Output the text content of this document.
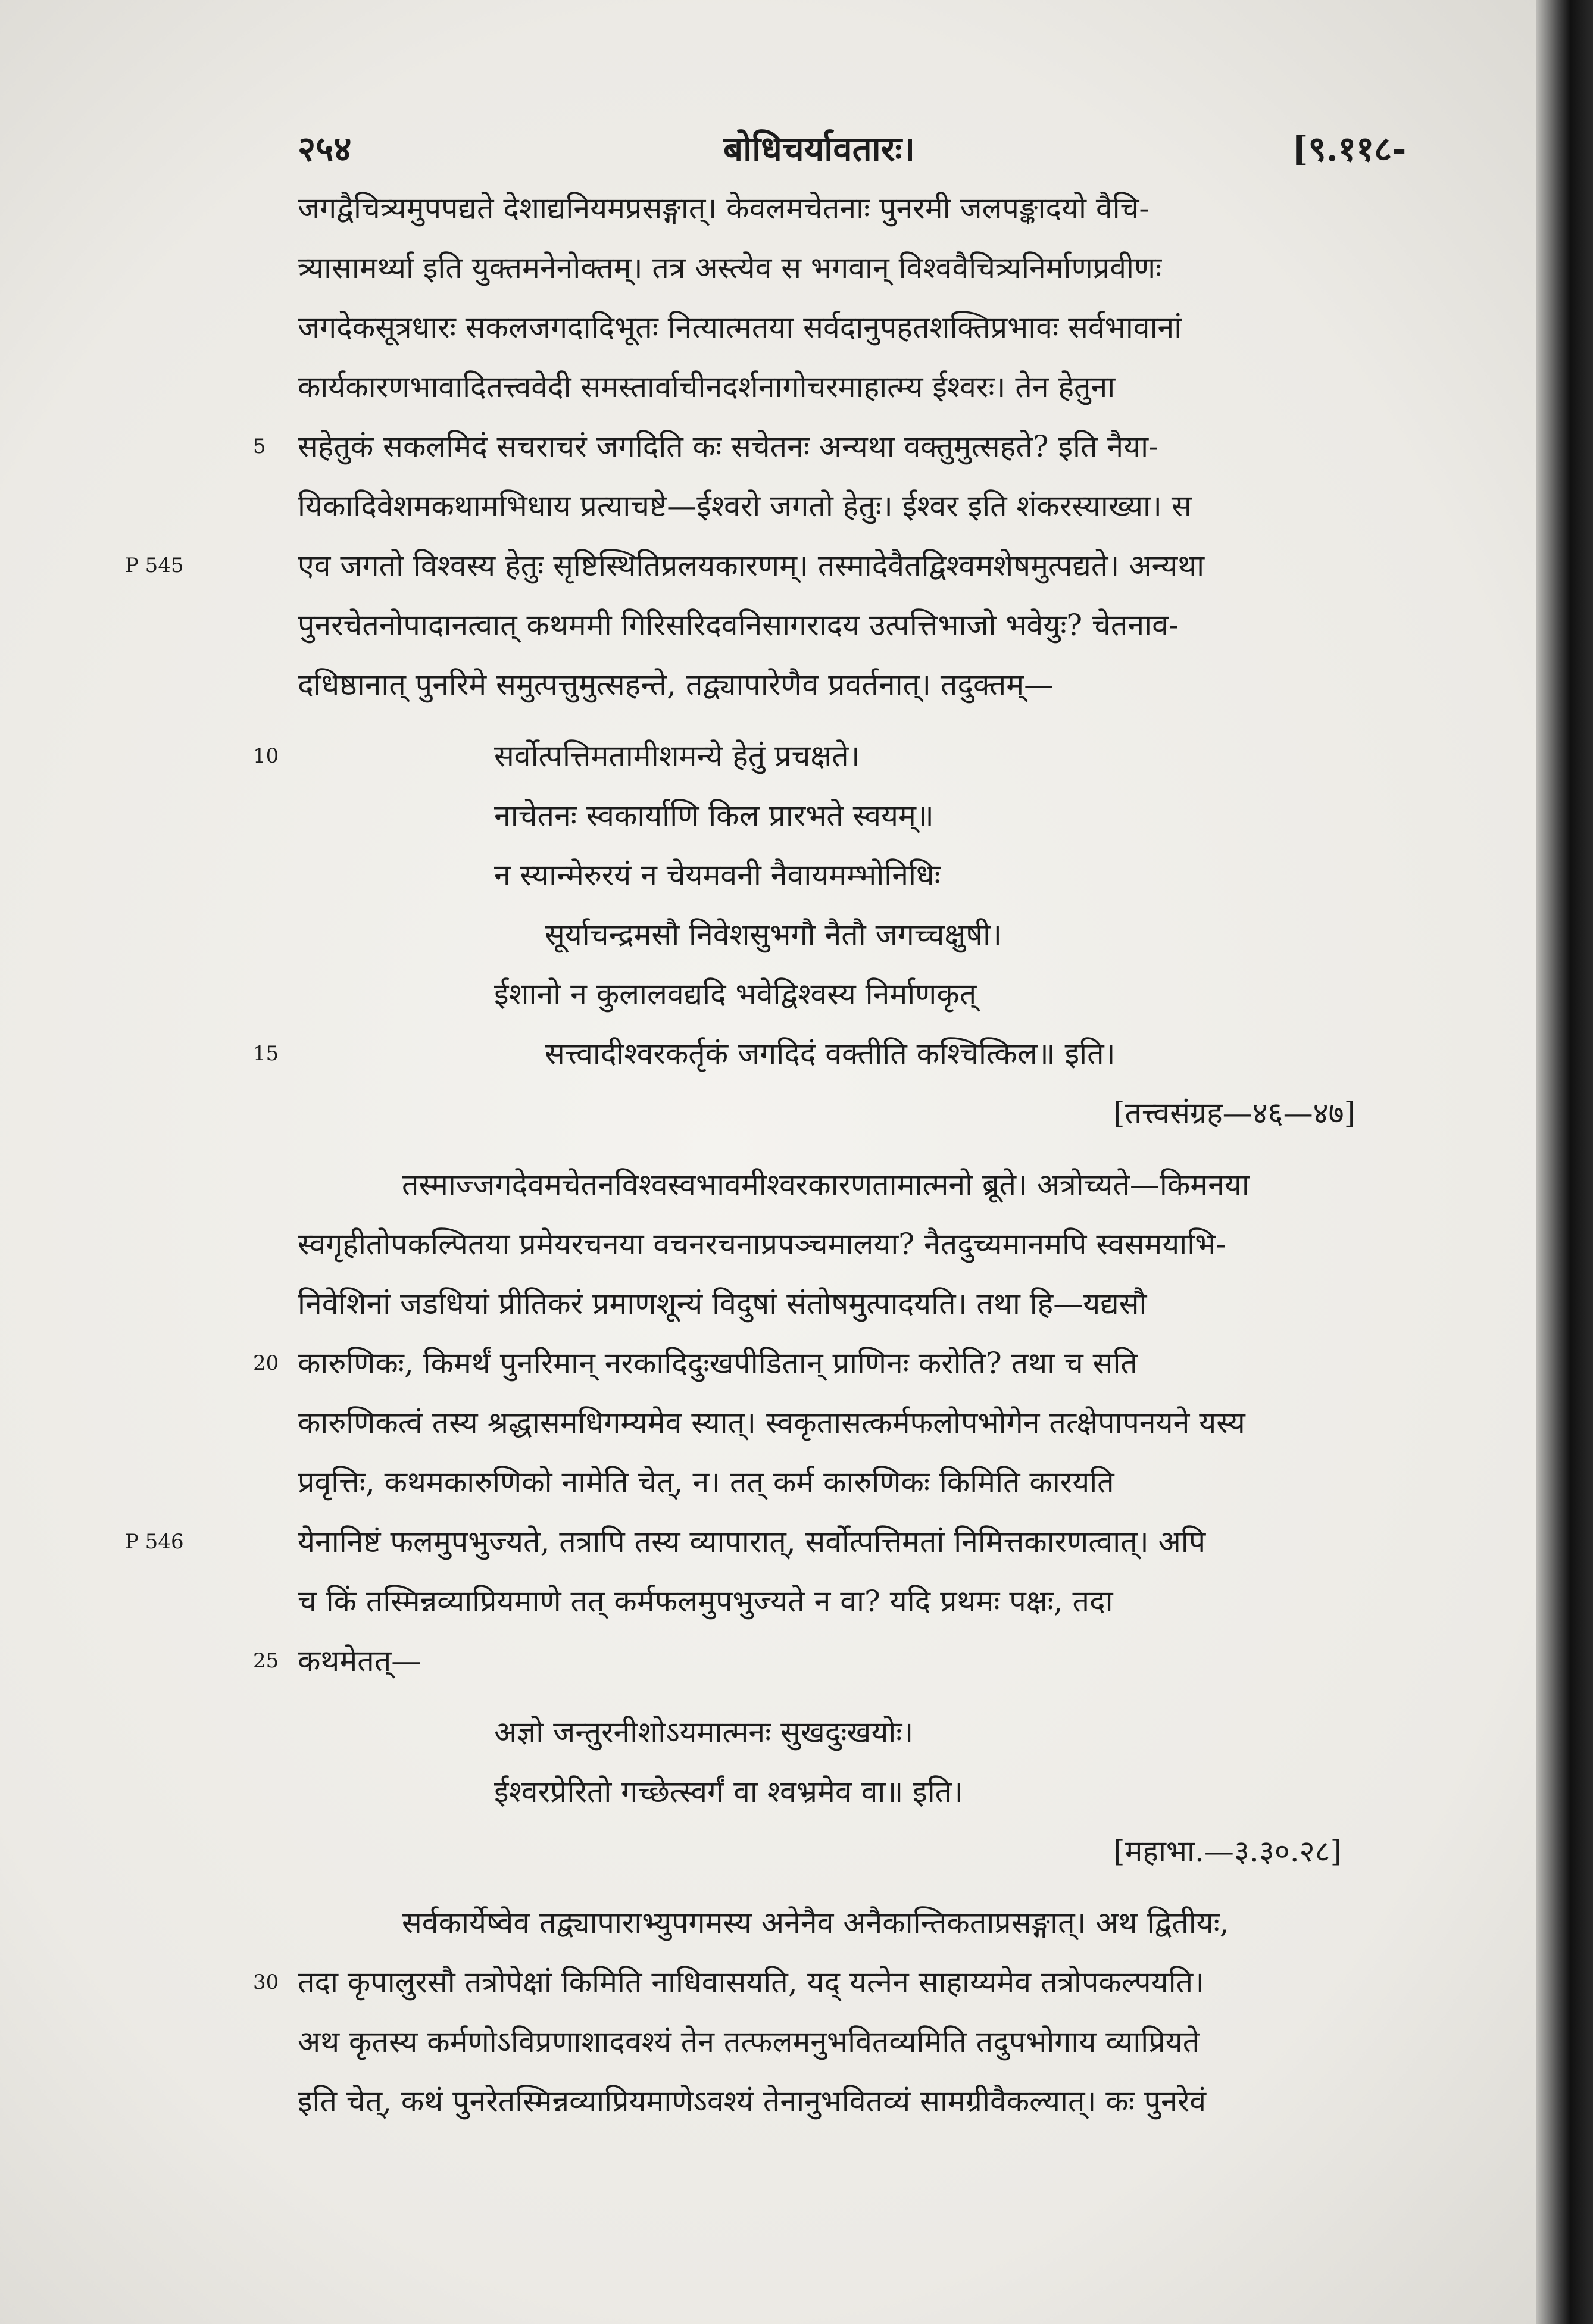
२५४	बोधिचर्यावतारः।	[९.११८-
जगद्वैचित्र्यमुपपद्यते देशाद्यनियमप्रसङ्गात्। केवलमचेतनाः पुनरमी जलपङ्कादयो वैचि-
त्र्यासामर्थ्या इति युक्तमनेनोक्तम्। तत्र अस्त्येव स भगवान् विश्ववैचित्र्यनिर्माणप्रवीणः
जगदेकसूत्रधारः सकलजगदादिभूतः नित्यात्मतया सर्वदानुपहतशक्तिप्रभावः सर्वभावानां
कार्यकारणभावादितत्त्ववेदी समस्तार्वाचीनदर्शनागोचरमाहात्म्य ईश्वरः। तेन हेतुना
5 सहेतुकं सकलमिदं सचराचरं जगदिति कः सचेतनः अन्यथा वक्तुमुत्सहते? इति नैया-
यिकादिवेशमकथामभिधाय प्रत्याचष्टे—ईश्वरो जगतो हेतुः। ईश्वर इति शंकरस्याख्या। स
P 545	एव जगतो विश्वस्य हेतुः सृष्टिस्थितिप्रलयकारणम्। तस्मादेवैतद्विश्वमशेषमुत्पद्यते। अन्यथा
पुनरचेतनोपादानत्वात् कथममी गिरिसरिदवनिसागरादय उत्पत्तिभाजो भवेयुः? चेतनाव-
दधिष्ठानात् पुनरिमे समुत्पत्तुमुत्सहन्ते, तद्व्यापारेणैव प्रवर्तनात्। तदुक्तम्—
10	सर्वोत्पत्तिमतामीशमन्ये हेतुं प्रचक्षते।
नाचेतनः स्वकार्याणि किल प्रारभते स्वयम्॥
न स्यान्मेरुरयं न चेयमवनी नैवायमम्भोनिधिः
सूर्याचन्द्रमसौ निवेशसुभगौ नैतौ जगच्चक्षुषी।
ईशानो न कुलालवद्यदि भवेद्विश्वस्य निर्माणकृत्
15	सत्त्वादीश्वरकर्तृकं जगदिदं वक्तीति कश्चित्किल॥ इति।
[तत्त्वसंग्रह—४६—४७]
तस्माज्जगदेवमचेतनविश्वस्वभावमीश्वरकारणतामात्मनो ब्रूते। अत्रोच्यते—किमनया
स्वगृहीतोपकल्पितया प्रमेयरचनया वचनरचनाप्रपञ्चमालया? नैतदुच्यमानमपि स्वसमयाभि-
निवेशिनां जडधियां प्रीतिकरं प्रमाणशून्यं विदुषां संतोषमुत्पादयति। तथा हि—यद्यसौ
20 कारुणिकः, किमर्थं पुनरिमान् नरकादिदुःखपीडितान् प्राणिनः करोति? तथा च सति
कारुणिकत्वं तस्य श्रद्धासमधिगम्यमेव स्यात्। स्वकृतासत्कर्मफलोपभोगेन तत्क्षेपापनयने यस्य
प्रवृत्तिः, कथमकारुणिको नामेति चेत्, न। तत् कर्म कारुणिकः किमिति कारयति
P 546	येनानिष्टं फलमुपभुज्यते, तत्रापि तस्य व्यापारात्, सर्वोत्पत्तिमतां निमित्तकारणत्वात्। अपि
च किं तस्मिन्नव्याप्रियमाणे तत् कर्मफलमुपभुज्यते न वा? यदि प्रथमः पक्षः, तदा
25 कथमेतत्—
अज्ञो जन्तुरनीशोऽयमात्मनः सुखदुःखयोः।
ईश्वरप्रेरितो गच्छेत्स्वर्गं वा श्वभ्रमेव वा॥ इति।
[महाभा.—३.३०.२८]
सर्वकार्येष्वेव तद्व्यापाराभ्युपगमस्य अनेनैव अनैकान्तिकताप्रसङ्गात्। अथ द्वितीयः,
30 तदा कृपालुरसौ तत्रोपेक्षां किमिति नाधिवासयति, यद् यत्नेन साहाय्यमेव तत्रोपकल्पयति।
अथ कृतस्य कर्मणोऽविप्रणाशादवश्यं तेन तत्फलमनुभवितव्यमिति तदुपभोगाय व्याप्रियते
इति चेत्, कथं पुनरेतस्मिन्नव्याप्रियमाणेऽवश्यं तेनानुभवितव्यं सामग्रीवैकल्यात्। कः पुनरेवं
